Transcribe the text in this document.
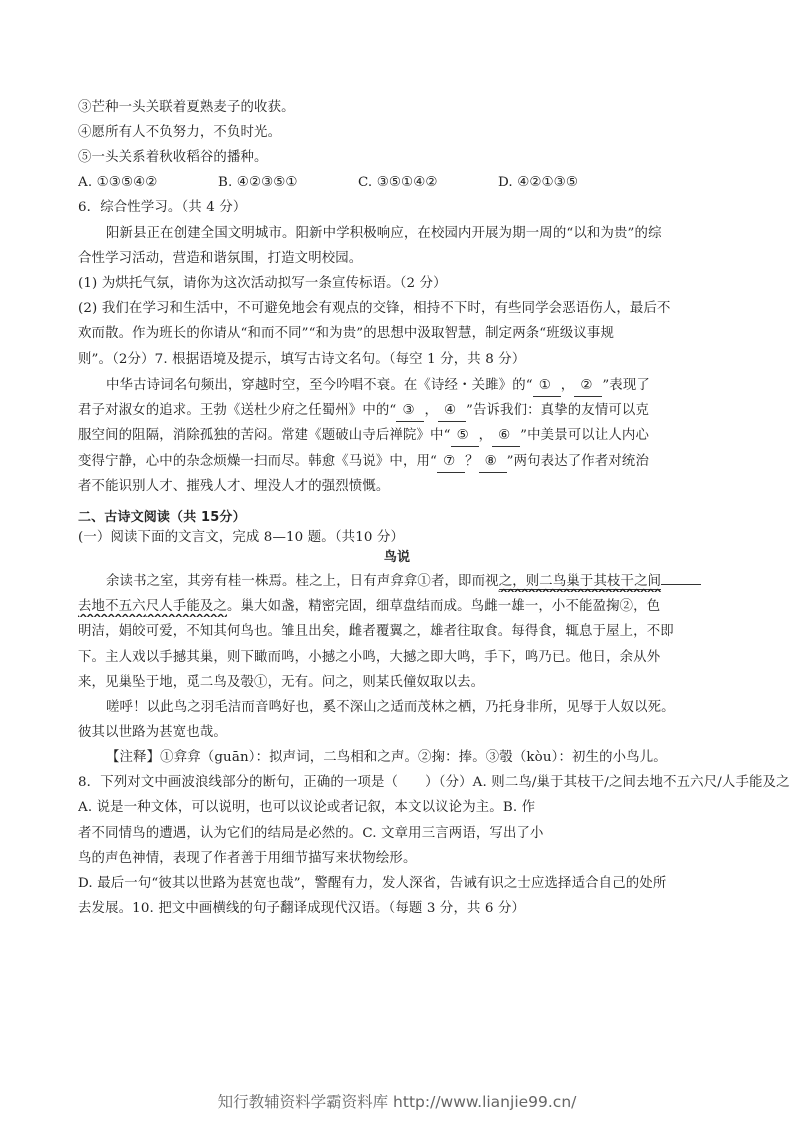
③芒种一头关联着夏熟麦子的收获。
④愿所有人不负努力，不负时光。
⑤一头关系着秋收稻谷的播种。
A. ①③⑤④②	B. ④②③⑤①	C. ③⑤①④②	D. ④②①③⑤
6．综合性学习。（共 4 分）
阳新县正在创建全国文明城市。阳新中学积极响应，在校园内开展为期一周的“以和为贵”的综
合性学习活动，营造和谐氛围，打造文明校园。
(1) 为烘托气氛，请你为这次活动拟写一条宣传标语。（2 分）
(2) 我们在学习和生活中，不可避免地会有观点的交锋，相持不下时，有些同学会恶语伤人，最后不
欢而散。作为班长的你请从“和而不同”“和为贵”的思想中汲取智慧，制定两条“班级议事规
则”。（2分）7. 根据语境及提示，填写古诗文名句。（每空 1 分，共 8 分）
中华古诗词名句频出，穿越时空，至今吟唱不衰。在《诗经・关雎》的“ ① ， ② ”表现了
君子对淑女的追求。王勃《送杜少府之任蜀州》中的“ ③ ， ④ ”告诉我们：真挚的友情可以克
服空间的阻隔，消除孤独的苦闷。常建《题破山寺后禅院》中“ ⑤ ， ⑥ ”中美景可以让人内心
变得宁静，心中的杂念烦燥一扫而尽。韩愈《马说》中，用“ ⑦ ？ ⑧ ”两句表达了作者对统治
者不能识别人才、摧残人才、埋没人才的强烈愤慨。
二、古诗文阅读（共 15分）
(一）阅读下面的文言文，完成 8—10 题。（共10 分）
鸟说
余读书之室，其旁有桂一株焉。桂之上，日有声弇弇①者，即而视之，则二鸟巢于其枝干之间
去地不五六尺人手能及之。巢大如盏，精密完固，细草盘结而成。鸟雌一雄一，小不能盈掬②，色
明洁，娟皎可爱，不知其何鸟也。雏且出矣，雌者覆翼之，雄者往取食。每得食，辄息于屋上，不即
下。主人戏以手撼其巢，则下瞰而鸣，小撼之小鸣，大撼之即大鸣，手下，鸣乃已。他日，余从外
来，见巢坠于地，觅二鸟及彀①，无有。问之，则某氏僮奴取以去。
嗟呼！以此鸟之羽毛洁而音鸣好也，奚不深山之适而茂林之栖，乃托身非所，见辱于人奴以死。
彼其以世路为甚宽也哉。
【注释】①弇弇（guān）：拟声词，二鸟相和之声。②掬：捧。③彀（kòu）：初生的小鸟儿。
8．下列对文中画波浪线部分的断句，正确的一项是（　　）（分）A. 则二鸟/巢于其枝干/之间去地不五六尺/人手能及之
A. 说是一种文体，可以说明，也可以议论或者记叙，本文以议论为主。B. 作
者不同情鸟的遭遇，认为它们的结局是必然的。C. 文章用三言两语，写出了小
鸟的声色神情，表现了作者善于用细节描写来状物绘形。
D. 最后一句“彼其以世路为甚宽也哉”，警醒有力，发人深省，告诫有识之士应选择适合自己的处所
去发展。10. 把文中画横线的句子翻译成现代汉语。（每题 3 分，共 6 分）
知行教辅资料学霸资料库 http://www.lianjie99.cn/
